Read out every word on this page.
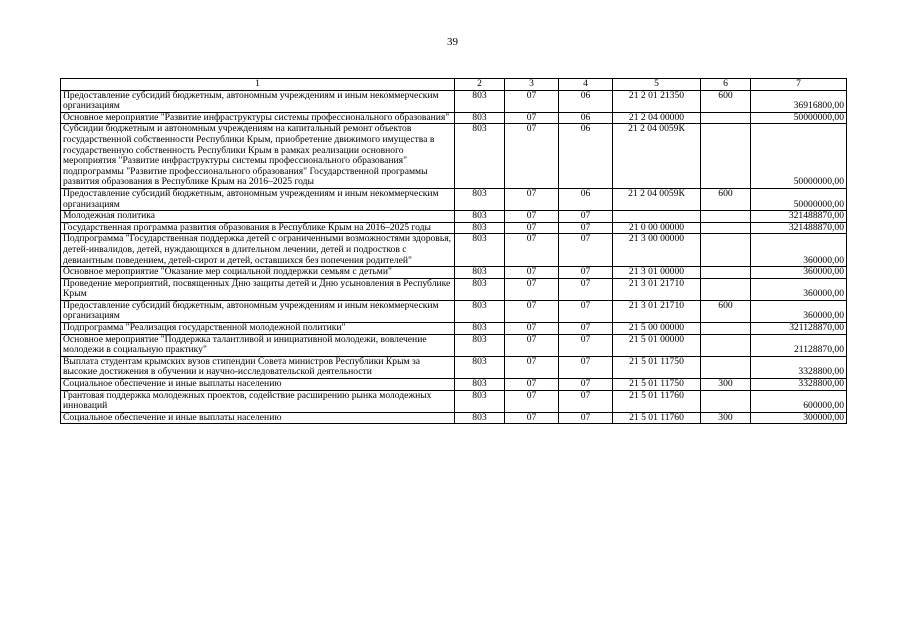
39
1	2	3	4	5	6	7
Предоставление субсидий бюджетным, автономным учреждениям и иным некоммерческим организациям	803	07	06	21 2 01 21350	600	36916800,00
Основное мероприятие "Развитие инфраструктуры системы профессионального образования"	803	07	06	21 2 04 00000		50000000,00
Субсидии бюджетным и автономным учреждениям на капитальный ремонт объектов государственной собственности Республики Крым, приобретение движимого имущества в государственную собственность Республики Крым в рамках реализации основного мероприятия "Развитие инфраструктуры системы профессионального образования" подпрограммы "Развитие профессионального образования" Государственной программы развития образования в Республике Крым на 2016–2025 годы	803	07	06	21 2 04 0059К		50000000,00
Предоставление субсидий бюджетным, автономным учреждениям и иным некоммерческим организациям	803	07	06	21 2 04 0059К	600	50000000,00
Молодежная политика	803	07	07			321488870,00
Государственная программа развития образования в Республике Крым на 2016–2025 годы	803	07	07	21 0 00 00000		321488870,00
Подпрограмма "Государственная поддержка детей с ограниченными возможностями здоровья, детей-инвалидов, детей, нуждающихся в длительном лечении, детей и подростков с девиантным поведением, детей-сирот и детей, оставшихся без попечения родителей"	803	07	07	21 3 00 00000		360000,00
Основное мероприятие "Оказание мер социальной поддержки семьям с детьми"	803	07	07	21 3 01 00000		360000,00
Проведение мероприятий, посвященных Дню защиты детей и Дню усыновления в Республике Крым	803	07	07	21 3 01 21710		360000,00
Предоставление субсидий бюджетным, автономным учреждениям и иным некоммерческим организациям	803	07	07	21 3 01 21710	600	360000,00
Подпрограмма "Реализация государственной молодежной политики"	803	07	07	21 5 00 00000		321128870,00
Основное мероприятие "Поддержка талантливой и инициативной молодежи, вовлечение молодежи в социальную практику"	803	07	07	21 5 01 00000		21128870,00
Выплата студентам крымских вузов стипендии Совета министров Республики Крым за высокие достижения в обучении и научно-исследовательской деятельности	803	07	07	21 5 01 11750		3328800,00
Социальное обеспечение и иные выплаты населению	803	07	07	21 5 01 11750	300	3328800,00
Грантовая поддержка молодежных проектов, содействие расширению рынка молодежных инноваций	803	07	07	21 5 01 11760		600000,00
Социальное обеспечение и иные выплаты населению	803	07	07	21 5 01 11760	300	300000,00
